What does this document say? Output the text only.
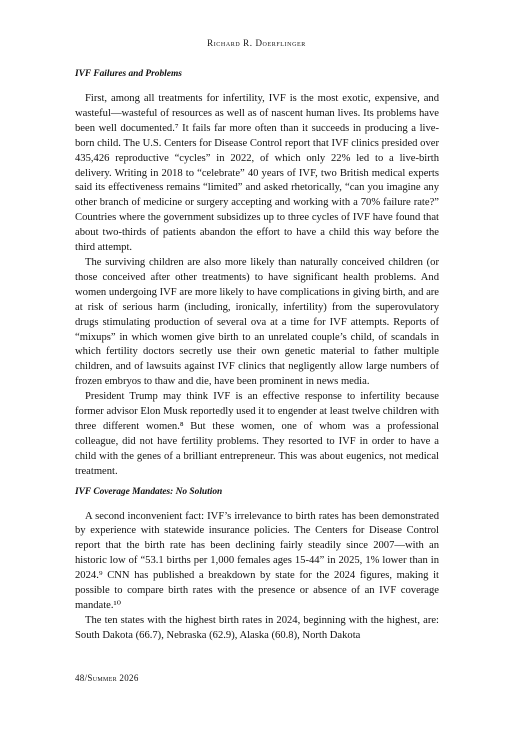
Richard R. Doerflinger
IVF Failures and Problems

First, among all treatments for infertility, IVF is the most exotic, expensive, and wasteful—wasteful of resources as well as of nascent human lives. Its problems have been well documented.⁷ It fails far more often than it succeeds in producing a live-born child. The U.S. Centers for Disease Control report that IVF clinics presided over 435,426 reproductive “cycles” in 2022, of which only 22% led to a live-birth delivery. Writing in 2018 to “celebrate” 40 years of IVF, two British medical experts said its effectiveness remains “limited” and asked rhetorically, “can you imagine any other branch of medicine or surgery accepting and working with a 70% failure rate?” Countries where the government subsidizes up to three cycles of IVF have found that about two-thirds of patients abandon the effort to have a child this way before the third attempt.

The surviving children are also more likely than naturally conceived children (or those conceived after other treatments) to have significant health problems. And women undergoing IVF are more likely to have complications in giving birth, and are at risk of serious harm (including, ironically, infertility) from the superovulatory drugs stimulating production of several ova at a time for IVF attempts. Reports of “mixups” in which women give birth to an unrelated couple’s child, of scandals in which fertility doctors secretly use their own genetic material to father multiple children, and of lawsuits against IVF clinics that negligently allow large numbers of frozen embryos to thaw and die, have been prominent in news media.

President Trump may think IVF is an effective response to infertility because former advisor Elon Musk reportedly used it to engender at least twelve children with three different women.⁸ But these women, one of whom was a professional colleague, did not have fertility problems. They resorted to IVF in order to have a child with the genes of a brilliant entrepreneur. This was about eugenics, not medical treatment.

IVF Coverage Mandates: No Solution

A second inconvenient fact: IVF’s irrelevance to birth rates has been demonstrated by experience with statewide insurance policies. The Centers for Disease Control report that the birth rate has been declining fairly steadily since 2007—with an historic low of “53.1 births per 1,000 females ages 15-44” in 2025, 1% lower than in 2024.⁹ CNN has published a breakdown by state for the 2024 figures, making it possible to compare birth rates with the presence or absence of an IVF coverage mandate.¹⁰

The ten states with the highest birth rates in 2024, beginning with the highest, are: South Dakota (66.7), Nebraska (62.9), Alaska (60.8), North Dakota

48/Summer 2026
